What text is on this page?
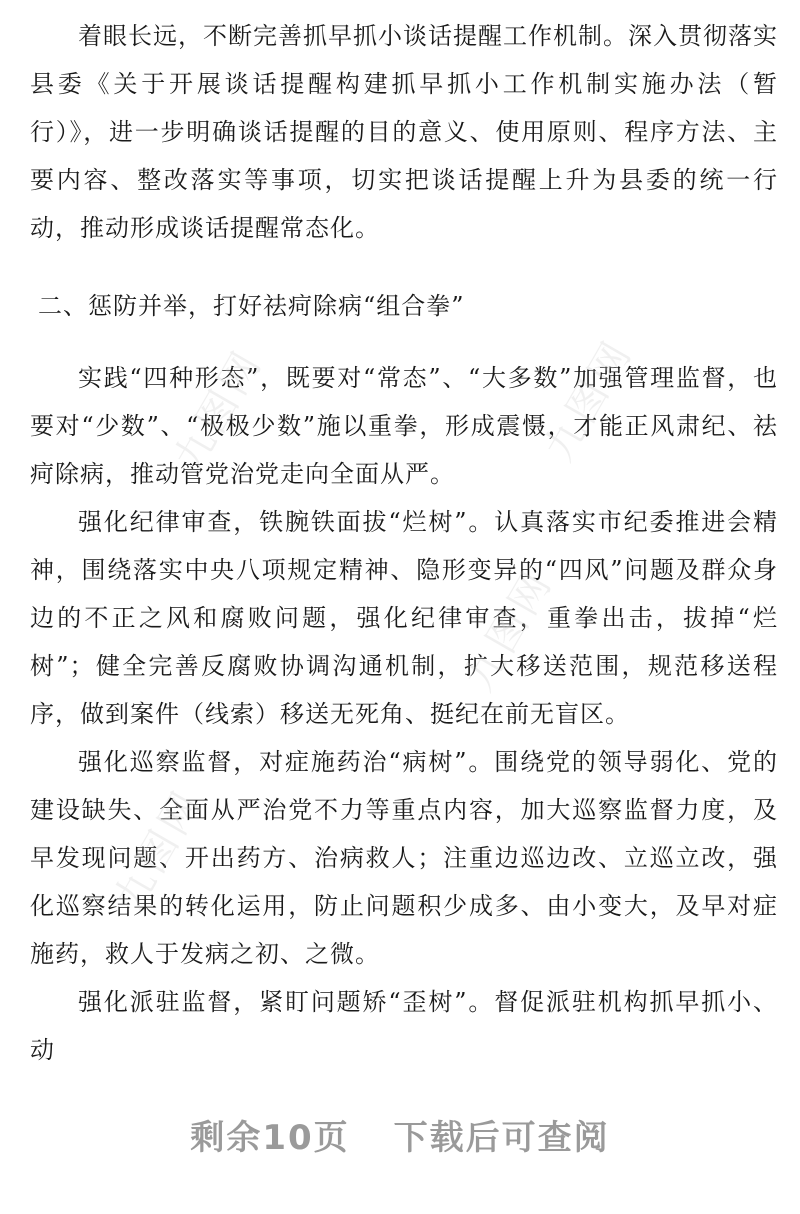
着眼长远，不断完善抓早抓小谈话提醒工作机制。深入贯彻落实县委《关于开展谈话提醒构建抓早抓小工作机制实施办法（暂行）》，进一步明确谈话提醒的目的意义、使用原则、程序方法、主要内容、整改落实等事项，切实把谈话提醒上升为县委的统一行动，推动形成谈话提醒常态化。

二、惩防并举，打好祛疴除病“组合拳”

实践“四种形态”，既要对“常态”、“大多数”加强管理监督，也要对“少数”、“极极少数”施以重拳，形成震慑，才能正风肃纪、祛疴除病，推动管党治党走向全面从严。

强化纪律审查，铁腕铁面拔“烂树”。认真落实市纪委推进会精神，围绕落实中央八项规定精神、隐形变异的“四风”问题及群众身边的不正之风和腐败问题，强化纪律审查，重拳出击，拔掉“烂树”；健全完善反腐败协调沟通机制，扩大移送范围，规范移送程序，做到案件（线索）移送无死角、挺纪在前无盲区。

强化巡察监督，对症施药治“病树”。围绕党的领导弱化、党的建设缺失、全面从严治党不力等重点内容，加大巡察监督力度，及早发现问题、开出药方、治病救人；注重边巡边改、立巡立改，强化巡察结果的转化运用，防止问题积少成多、由小变大，及早对症施药，救人于发病之初、之微。

强化派驻监督，紧盯问题矫“歪树”。督促派驻机构抓早抓小、动

九图网	九图网
九图网
九图网
剩余10页 下载后可查阅
